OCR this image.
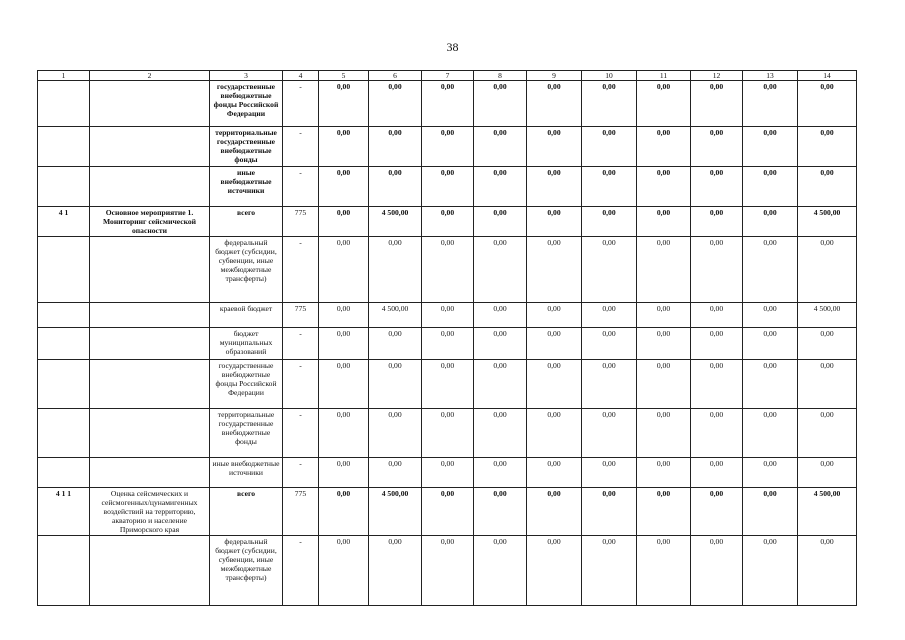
38
1	2	3	4	5	6	7	8	9	10	11	12	13	14
		государственные внебюджетные фонды Российской Федерации	-	0,00	0,00	0,00	0,00	0,00	0,00	0,00	0,00	0,00	0,00
		территориальные государственные внебюджетные фонды	-	0,00	0,00	0,00	0,00	0,00	0,00	0,00	0,00	0,00	0,00
		иные внебюджетные источники	-	0,00	0,00	0,00	0,00	0,00	0,00	0,00	0,00	0,00	0,00
4 1	Основное мероприятие 1. Мониторинг сейсмической опасности	всего	775	0,00	4 500,00	0,00	0,00	0,00	0,00	0,00	0,00	0,00	4 500,00
		федеральный бюджет (субсидии, субвенции, иные межбюджетные трансферты)	-	0,00	0,00	0,00	0,00	0,00	0,00	0,00	0,00	0,00	0,00
		краевой бюджет	775	0,00	4 500,00	0,00	0,00	0,00	0,00	0,00	0,00	0,00	4 500,00
		бюджет муниципальных образований	-	0,00	0,00	0,00	0,00	0,00	0,00	0,00	0,00	0,00	0,00
		государственные внебюджетные фонды Российской Федерации	-	0,00	0,00	0,00	0,00	0,00	0,00	0,00	0,00	0,00	0,00
		территориальные государственные внебюджетные фонды	-	0,00	0,00	0,00	0,00	0,00	0,00	0,00	0,00	0,00	0,00
		иные внебюджетные источники	-	0,00	0,00	0,00	0,00	0,00	0,00	0,00	0,00	0,00	0,00
4 1 1	Оценка сейсмических и сейсмогенных/цунамигенных воздействий на территорию, акваторию и население Приморского края	всего	775	0,00	4 500,00	0,00	0,00	0,00	0,00	0,00	0,00	0,00	4 500,00
		федеральный бюджет (субсидии, субвенции, иные межбюджетные трансферты)	-	0,00	0,00	0,00	0,00	0,00	0,00	0,00	0,00	0,00	0,00
